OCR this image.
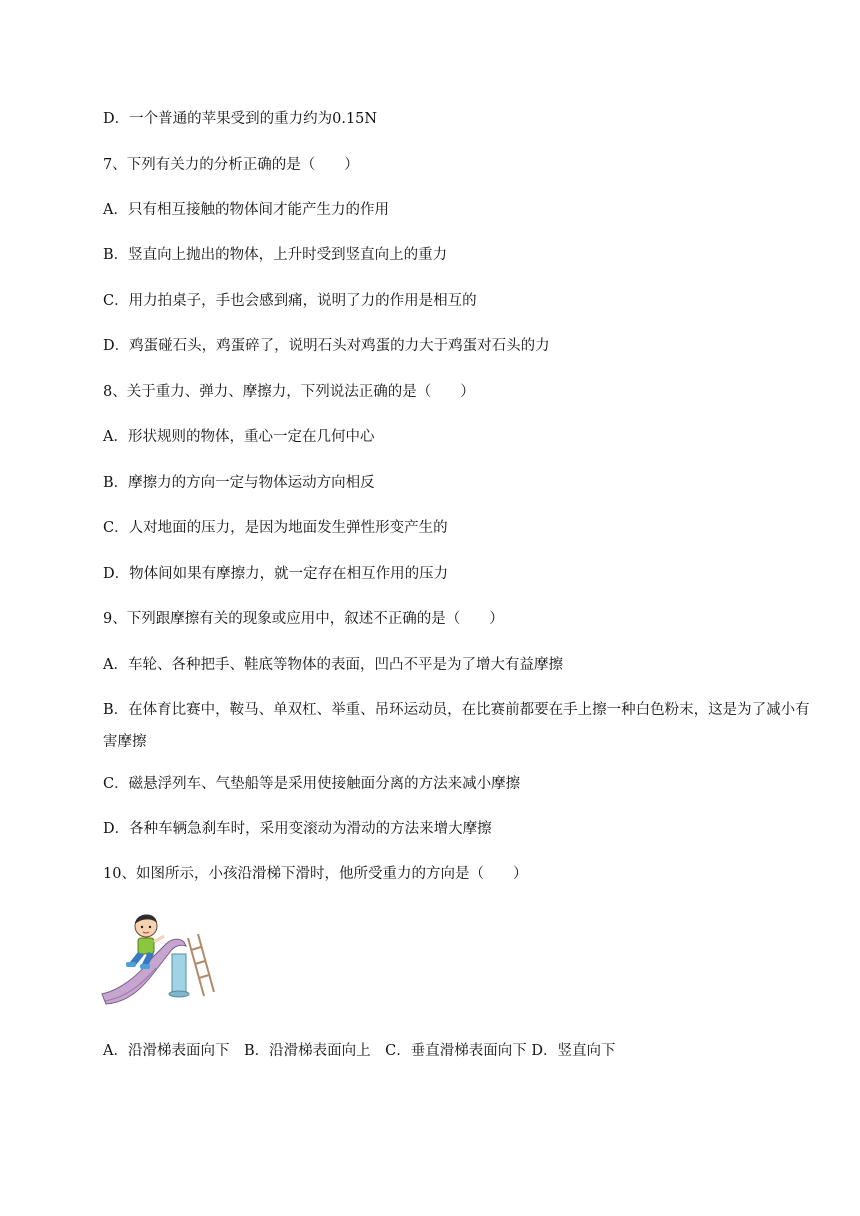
D．一个普通的苹果受到的重力约为0.15N
7、下列有关力的分析正确的是（　　）
A．只有相互接触的物体间才能产生力的作用
B．竖直向上抛出的物体，上升时受到竖直向上的重力
C．用力拍桌子，手也会感到痛，说明了力的作用是相互的
D．鸡蛋碰石头，鸡蛋碎了，说明石头对鸡蛋的力大于鸡蛋对石头的力
8、关于重力、弹力、摩擦力，下列说法正确的是（　　）
A．形状规则的物体，重心一定在几何中心
B．摩擦力的方向一定与物体运动方向相反
C．人对地面的压力，是因为地面发生弹性形变产生的
D．物体间如果有摩擦力，就一定存在相互作用的压力
9、下列跟摩擦有关的现象或应用中，叙述不正确的是（　　）
A．车轮、各种把手、鞋底等物体的表面，凹凸不平是为了增大有益摩擦
B．在体育比赛中，鞍马、单双杠、举重、吊环运动员，在比赛前都要在手上擦一种白色粉末，这是为了减小有害摩擦
C．磁悬浮列车、气垫船等是采用使接触面分离的方法来减小摩擦
D．各种车辆急刹车时，采用变滚动为滑动的方法来增大摩擦
10、如图所示，小孩沿滑梯下滑时，他所受重力的方向是（　　）
A．沿滑梯表面向下　B．沿滑梯表面向上　C．垂直滑梯表面向下 D．竖直向下
